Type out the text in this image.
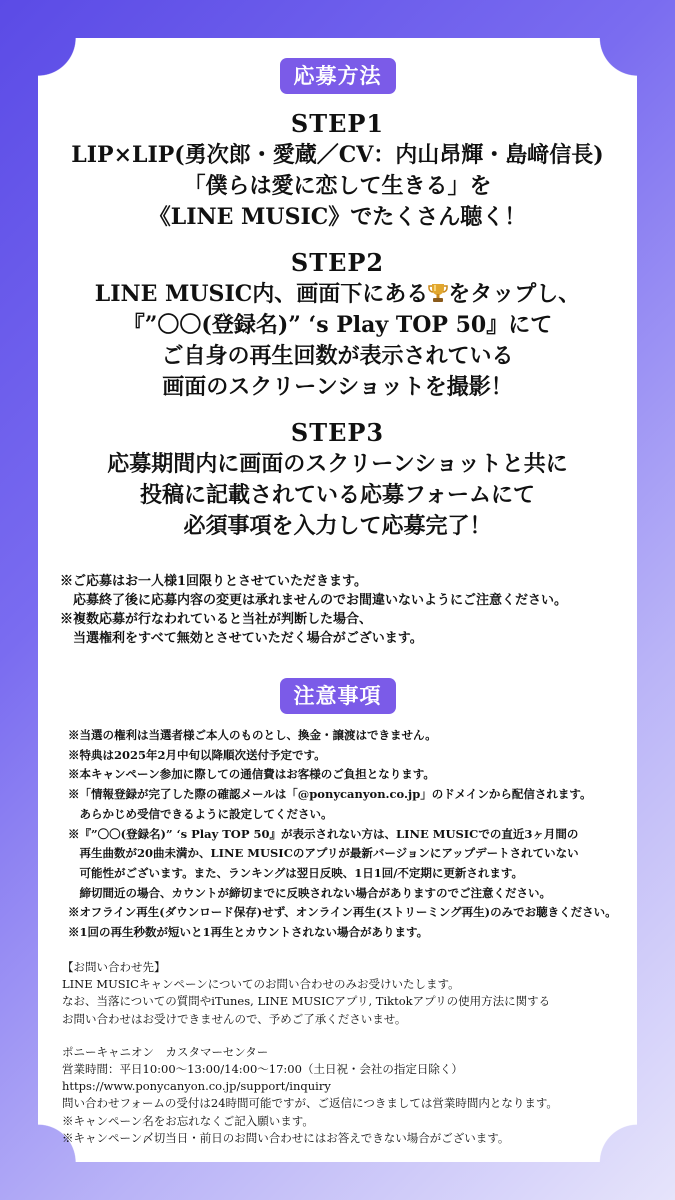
応募方法
STEP1
LIP×LIP(勇次郎・愛蔵／CV：内山昂輝・島﨑信長)
「僕らは愛に恋して生きる」を
《LINE MUSIC》でたくさん聴く！
STEP2
LINE MUSIC内、画面下にある をタップし、
『”〇〇(登録名)” ‘s Play TOP 50』にて
ご自身の再生回数が表示されている
画面のスクリーンショットを撮影！
STEP3
応募期間内に画面のスクリーンショットと共に
投稿に記載されている応募フォームにて
必須事項を入力して応募完了！
※ご応募はお一人様1回限りとさせていただきます。
　応募終了後に応募内容の変更は承れませんのでお間違いないようにご注意ください。
※複数応募が行なわれていると当社が判断した場合、
　当選権利をすべて無効とさせていただく場合がございます。
注意事項
※当選の権利は当選者様ご本人のものとし、換金・譲渡はできません。
※特典は2025年2月中旬以降順次送付予定です。
※本キャンペーン参加に際しての通信費はお客様のご負担となります。
※「情報登録が完了した際の確認メールは「@ponycanyon.co.jp」のドメインから配信されます。
　あらかじめ受信できるように設定してください。
※『”〇〇(登録名)” ‘s Play TOP 50』が表示されない方は、LINE MUSICでの直近3ヶ月間の
　再生曲数が20曲未満か、LINE MUSICのアプリが最新バージョンにアップデートされていない
　可能性がございます。また、ランキングは翌日反映、1日1回/不定期に更新されます。
　締切間近の場合、カウントが締切までに反映されない場合がありますのでご注意ください。
※オフライン再生(ダウンロード保存)せず、オンライン再生(ストリーミング再生)のみでお聴きください。
※1回の再生秒数が短いと1再生とカウントされない場合があります。
【お問い合わせ先】
LINE MUSICキャンペーンについてのお問い合わせのみお受けいたします。
なお、当落についての質問やiTunes, LINE MUSICアプリ, Tiktokアプリの使用方法に関する
お問い合わせはお受けできませんので、予めご了承くださいませ。
ポニーキャニオン　カスタマーセンター
営業時間：平日10:00～13:00/14:00～17:00（土日祝・会社の指定日除く）
https://www.ponycanyon.co.jp/support/inquiry
問い合わせフォームの受付は24時間可能ですが、ご返信につきましては営業時間内となります。
※キャンペーン名をお忘れなくご記入願います。
※キャンペーン〆切当日・前日のお問い合わせにはお答えできない場合がございます。
